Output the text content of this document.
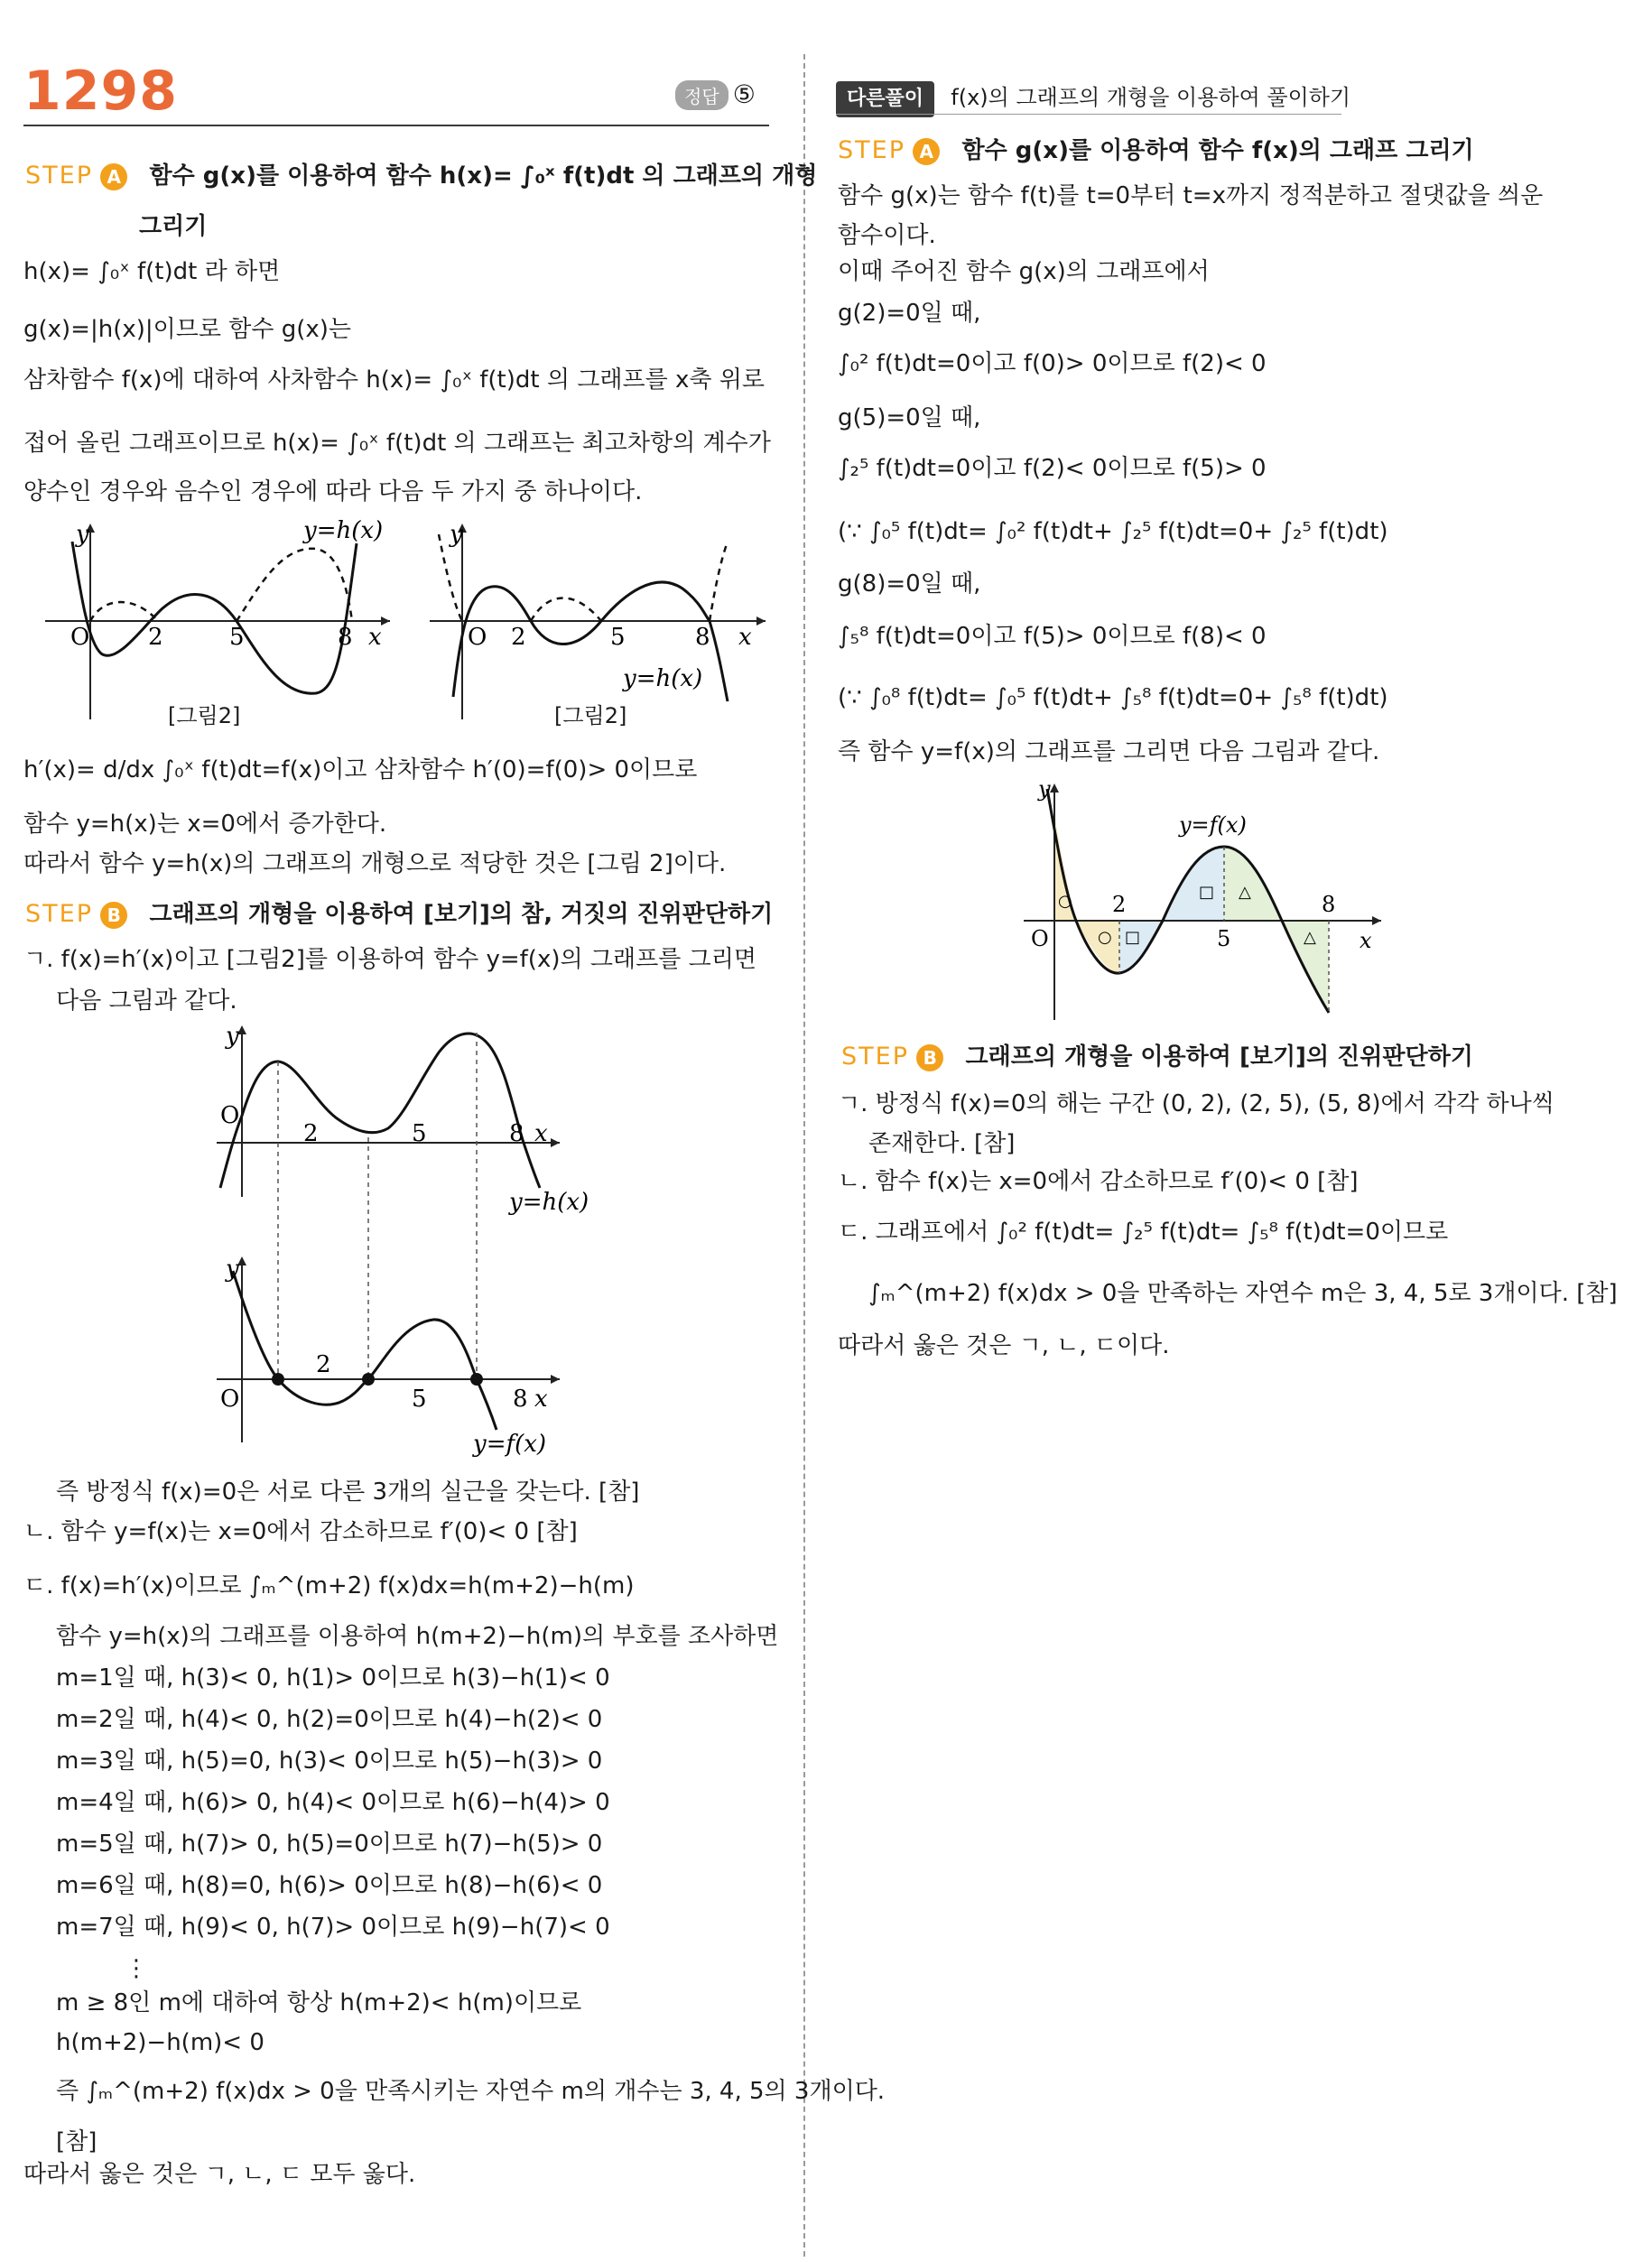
1298	정답 ⑤
STEP A 함수 g(x)를 이용하여 함수 h(x)= ∫₀ˣ f(t)dt 의 그래프의 개형
그리기
h(x)= ∫₀ˣ f(t)dt 라 하면
g(x)=|h(x)|이므로 함수 g(x)는
삼차함수 f(x)에 대하여 사차함수 h(x)= ∫₀ˣ f(t)dt 의 그래프를 x축 위로
접어 올린 그래프이므로 h(x)= ∫₀ˣ f(t)dt 의 그래프는 최고차항의 계수가
양수인 경우와 음수인 경우에 따라 다음 두 가지 중 하나이다.
O 2	5	8 x
y	y=h(x)
[그림2]
O 2	5	8 x
y
y=h(x)
[그림2]
h′(x)= d/dx ∫₀ˣ f(t)dt=f(x)이고 삼차함수 h′(0)=f(0)> 0이므로
함수 y=h(x)는 x=0에서 증가한다.
따라서 함수 y=h(x)의 그래프의 개형으로 적당한 것은 [그림 2]이다.
STEP B 그래프의 개형을 이용하여 [보기]의 참, 거짓의 진위판단하기
ㄱ. f(x)=h′(x)이고 [그림2]를 이용하여 함수 y=f(x)의 그래프를 그리면
다음 그림과 같다.
O
2	5	8 x
y
y=h(x)
O
2
5	8 x
y
y=f(x)
즉 방정식 f(x)=0은 서로 다른 3개의 실근을 갖는다. [참]
ㄴ. 함수 y=f(x)는 x=0에서 감소하므로 f′(0)< 0 [참]
ㄷ. f(x)=h′(x)이므로 ∫ₘ^(m+2) f(x)dx=h(m+2)−h(m)
함수 y=h(x)의 그래프를 이용하여 h(m+2)−h(m)의 부호를 조사하면
m=1일 때, h(3)< 0, h(1)> 0이므로 h(3)−h(1)< 0
m=2일 때, h(4)< 0, h(2)=0이므로 h(4)−h(2)< 0
m=3일 때, h(5)=0, h(3)< 0이므로 h(5)−h(3)> 0
m=4일 때, h(6)> 0, h(4)< 0이므로 h(6)−h(4)> 0
m=5일 때, h(7)> 0, h(5)=0이므로 h(7)−h(5)> 0
m=6일 때, h(8)=0, h(6)> 0이므로 h(8)−h(6)< 0
m=7일 때, h(9)< 0, h(7)> 0이므로 h(9)−h(7)< 0
⋮
m ≥ 8인 m에 대하여 항상 h(m+2)< h(m)이므로
h(m+2)−h(m)< 0
즉 ∫ₘ^(m+2) f(x)dx > 0을 만족시키는 자연수 m의 개수는 3, 4, 5의 3개이다.
[참]
따라서 옳은 것은 ㄱ, ㄴ, ㄷ 모두 옳다.
다른풀이 f(x)의 그래프의 개형을 이용하여 풀이하기
STEP A 함수 g(x)를 이용하여 함수 f(x)의 그래프 그리기
함수 g(x)는 함수 f(t)를 t=0부터 t=x까지 정적분하고 절댓값을 씌운
함수이다.
이때 주어진 함수 g(x)의 그래프에서
g(2)=0일 때,
∫₀² f(t)dt=0이고 f(0)> 0이므로 f(2)< 0
g(5)=0일 때,
∫₂⁵ f(t)dt=0이고 f(2)< 0이므로 f(5)> 0
(∵ ∫₀⁵ f(t)dt= ∫₀² f(t)dt+ ∫₂⁵ f(t)dt=0+ ∫₂⁵ f(t)dt)
g(8)=0일 때,
∫₅⁸ f(t)dt=0이고 f(5)> 0이므로 f(8)< 0
(∵ ∫₀⁸ f(t)dt= ∫₀⁵ f(t)dt+ ∫₅⁸ f(t)dt=0+ ∫₅⁸ f(t)dt)
즉 함수 y=f(x)의 그래프를 그리면 다음 그림과 같다.
O
2
5
8
x
y
y=f(x)
○
○ □
□ △
△
STEP B 그래프의 개형을 이용하여 [보기]의 진위판단하기
ㄱ. 방정식 f(x)=0의 해는 구간 (0, 2), (2, 5), (5, 8)에서 각각 하나씩
존재한다. [참]
ㄴ. 함수 f(x)는 x=0에서 감소하므로 f′(0)< 0 [참]
ㄷ. 그래프에서 ∫₀² f(t)dt= ∫₂⁵ f(t)dt= ∫₅⁸ f(t)dt=0이므로
∫ₘ^(m+2) f(x)dx > 0을 만족하는 자연수 m은 3, 4, 5로 3개이다. [참]
따라서 옳은 것은 ㄱ, ㄴ, ㄷ이다.
